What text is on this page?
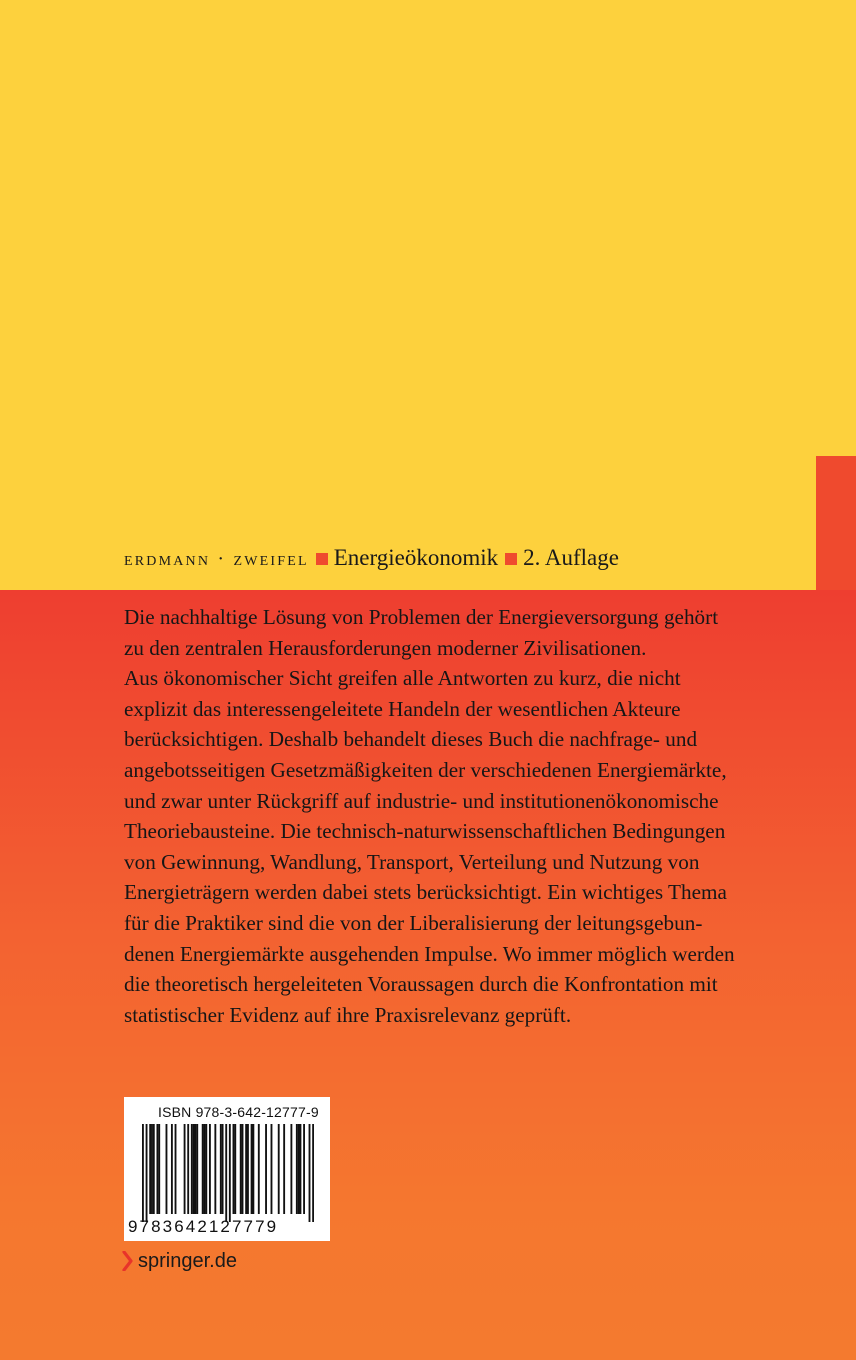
erdmann · zweifel Energieökonomik 2. Auflage

Die nachhaltige Lösung von Problemen der Energieversorgung gehört

zu den zentralen Herausforderungen moderner Zivilisationen.

Aus ökonomischer Sicht greifen alle Antworten zu kurz, die nicht

explizit das interessengeleitete Handeln der wesentlichen Akteure

berücksichtigen. Deshalb behandelt dieses Buch die nachfrage- und

angebotsseitigen Gesetzmäßigkeiten der verschiedenen Energiemärkte,

und zwar unter Rückgriff auf industrie- und institutionenökonomische

Theoriebausteine. Die technisch-naturwissenschaftlichen Bedingungen

von Gewinnung, Wandlung, Transport, Verteilung und Nutzung von

Energieträgern werden dabei stets berücksichtigt. Ein wichtiges Thema

für die Praktiker sind die von der Liberalisierung der leitungsgebun-

denen Energiemärkte ausgehenden Impulse. Wo immer möglich werden

die theoretisch hergeleiteten Voraussagen durch die Konfrontation mit

statistischer Evidenz auf ihre Praxisrelevanz geprüft.

ISBN 978-3-642-12777-9
9783642127779
springer.de
